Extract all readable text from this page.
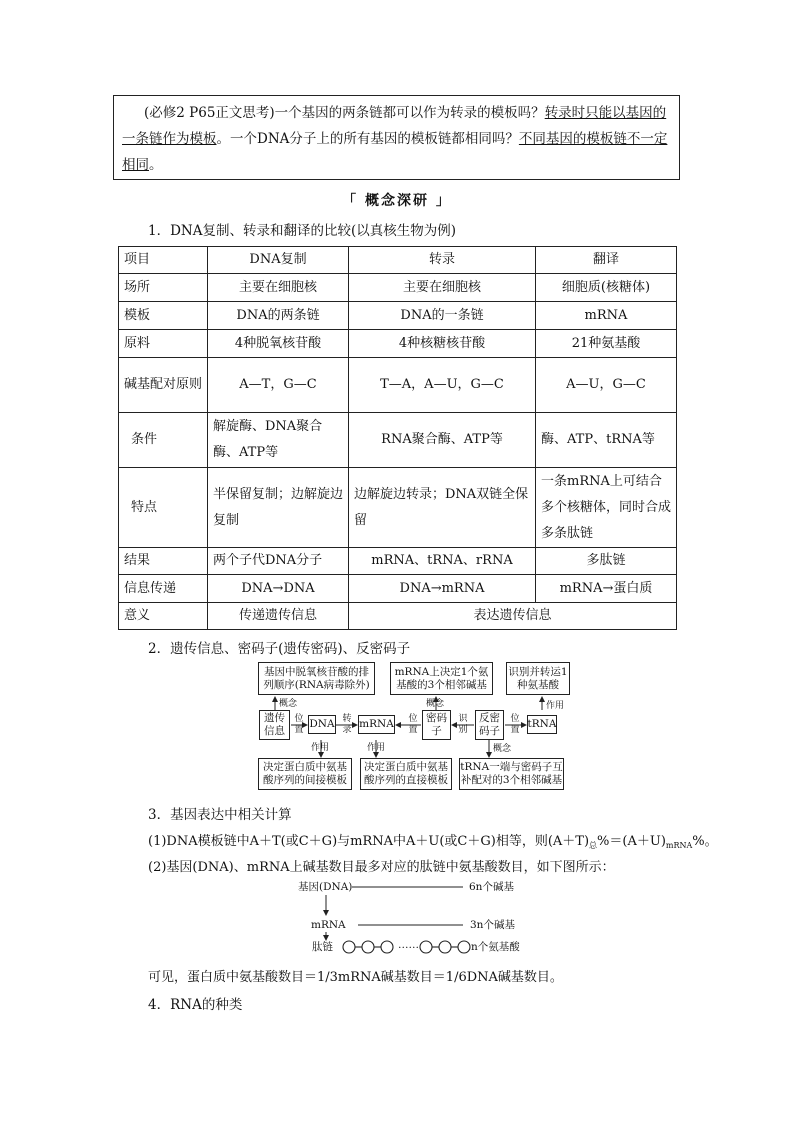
(必修2 P65正文思考)一个基因的两条链都可以作为转录的模板吗？转录时只能以基因的一条链作为模板。一个DNA分子上的所有基因的模板链都相同吗？不同基因的模板链不一定相同。
「 概念深研 」
1．DNA复制、转录和翻译的比较(以真核生物为例)
项目	DNA复制	转录	翻译
场所	主要在细胞核	主要在细胞核	细胞质(核糖体)
模板	DNA的两条链	DNA的一条链	mRNA
原料	4种脱氧核苷酸	4种核糖核苷酸	21种氨基酸
碱基配对原则	A—T，G—C	T—A，A—U，G—C	A—U，G—C
条件	解旋酶、DNA聚合酶、ATP等	RNA聚合酶、ATP等	酶、ATP、tRNA等
特点	半保留复制；边解旋边复制	边解旋边转录；DNA双链全保留	一条mRNA上可结合多个核糖体，同时合成多条肽链
结果	两个子代DNA分子	mRNA、tRNA、rRNA	多肽链
信息传递	DNA→DNA	DNA→mRNA	mRNA→蛋白质
意义	传递遗传信息	表达遗传信息	
2．遗传信息、密码子(遗传密码)、反密码子
基因中脱氧核苷酸的排列顺序(RNA病毒除外)
mRNA上决定1个氨基酸的3个相邻碱基
识别并转运1种氨基酸
遗传信息
DNA mRNA	密码子
反密码子
tRNA
决定蛋白质中氨基酸序列的间接模板
决定蛋白质中氨基酸序列的直接模板
tRNA一端与密码子互补配对的3个相邻碱基
概念
位置
转录
位置
识别
位置
概念	作用
作用	作用	概念
3．基因表达中相关计算
(1)DNA模板链中A＋T(或C＋G)与mRNA中A＋U(或C＋G)相等，则$(A+T)_总\%=(A+U)_{mRNA}\%$。
(2)基因(DNA)、mRNA上碱基数目最多对应的肽链中氨基酸数目，如下图所示：
基因(DNA)
mRNA
肽链
6n个碱基
3n个碱基
……	n个氨基酸
可见，蛋白质中氨基酸数目＝1/3mRNA碱基数目＝1/6DNA碱基数目。
4．RNA的种类
